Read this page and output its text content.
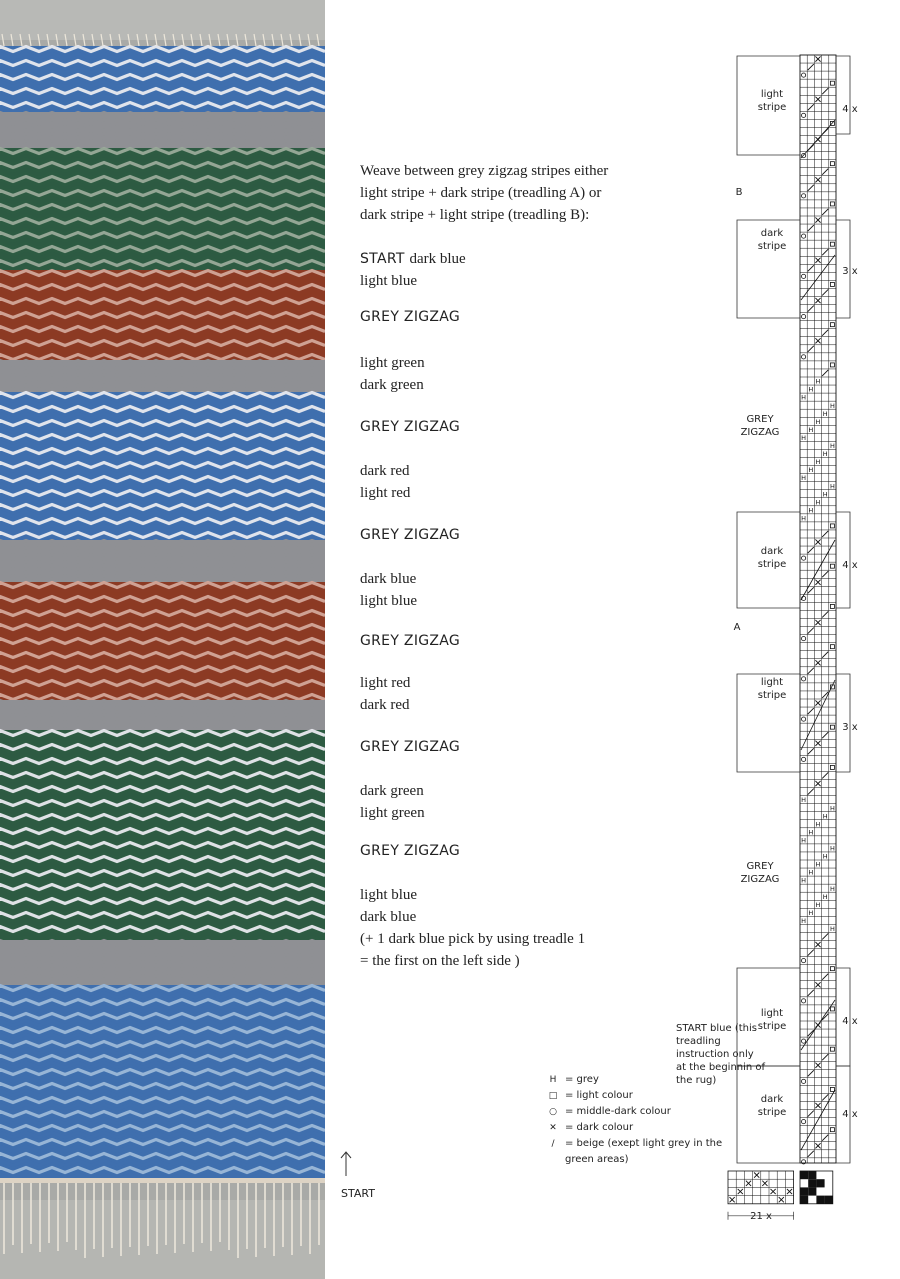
Weave between grey zigzag stripes either light stripe + dark stripe (treadling A) or dark stripe + light stripe (treadling B):
START dark blue
light blue
GREY ZIGZAG
light green
dark green
GREY ZIGZAG
dark red
light red
GREY ZIGZAG
dark blue
light blue
GREY ZIGZAG
light red
dark red
GREY ZIGZAG
dark green
light green
GREY ZIGZAG
light blue
dark blue
(+ 1 dark blue pick by using treadle 1
= the first on the left side )
START
H
H
H
H
H
H
H
H
H
H
H
H
H
H
H
H
H
H
H
H
H
H
H
H
H
H
H
H
H
H
H
H
H
H
H
light
stripe	4 x
B
dark
stripe
3 x
GREY
ZIGZAG
dark
stripe	4 x
A
light
stripe
3 x
GREY
ZIGZAG
light
stripe	4 x
dark
stripe	4 x
21 x
START blue (this treadling instruction only at the beginnin of the rug)
H = grey
□ = light colour
○ = middle-dark colour
✕ = dark colour
/	= beige (exept light grey in the green areas)
